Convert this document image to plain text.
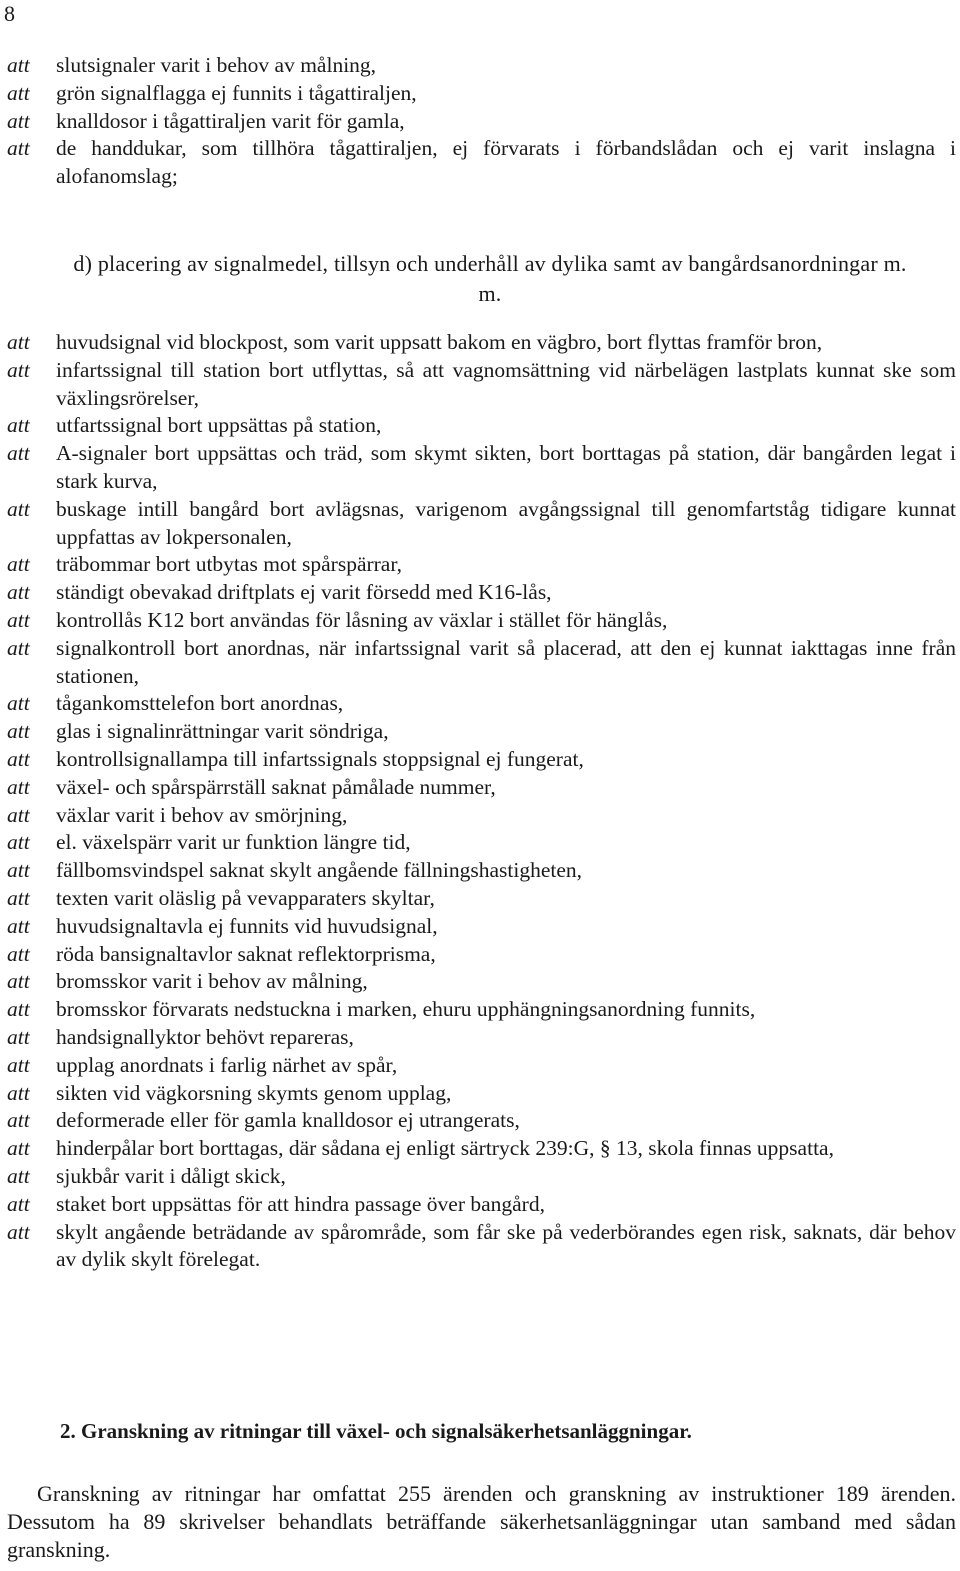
8
att slutsignaler varit i behov av målning,
att grön signalflagga ej funnits i tågattiraljen,
att knalldosor i tågattiraljen varit för gamla,
att de handdukar, som tillhöra tågattiraljen, ej förvarats i förbandslådan och ej varit inslagna i alofanomslag;
d) placering av signalmedel, tillsyn och underhåll av dylika samt av bangårdsanordningar m. m.
att huvudsignal vid blockpost, som varit uppsatt bakom en vägbro, bort flyttas framför bron,
att infartssignal till station bort utflyttas, så att vagnomsättning vid närbelägen lastplats kunnat ske som växlingsrörelser,
att utfartssignal bort uppsättas på station,
att A-signaler bort uppsättas och träd, som skymt sikten, bort borttagas på station, där bangården legat i stark kurva,
att buskage intill bangård bort avlägsnas, varigenom avgångssignal till genomfartståg tidigare kunnat uppfattas av lokpersonalen,
att träbommar bort utbytas mot spårspärrar,
att ständigt obevakad driftplats ej varit försedd med K16-lås,
att kontrollås K12 bort användas för låsning av växlar i stället för hänglås,
att signalkontroll bort anordnas, när infartssignal varit så placerad, att den ej kunnat iakttagas inne från stationen,
att tågankomsttelefon bort anordnas,
att glas i signalinrättningar varit söndriga,
att kontrollsignallampa till infartssignals stoppsignal ej fungerat,
att växel- och spårspärrställ saknat påmålade nummer,
att växlar varit i behov av smörjning,
att el. växelspärr varit ur funktion längre tid,
att fällbomsvindspel saknat skylt angående fällningshastigheten,
att texten varit oläslig på vevapparaters skyltar,
att huvudsignaltavla ej funnits vid huvudsignal,
att röda bansignaltavlor saknat reflektorprisma,
att bromsskor varit i behov av målning,
att bromsskor förvarats nedstuckna i marken, ehuru upphängningsanordning funnits,
att handsignallyktor behövt repareras,
att upplag anordnats i farlig närhet av spår,
att sikten vid vägkorsning skymts genom upplag,
att deformerade eller för gamla knalldosor ej utrangerats,
att hinderpålar bort borttagas, där sådana ej enligt särtryck 239:G, § 13, skola finnas uppsatta,
att sjukbår varit i dåligt skick,
att staket bort uppsättas för att hindra passage över bangård,
att skylt angående beträdande av spårområde, som får ske på vederbörandes egen risk, saknats, där behov av dylik skylt förelegat.
2. Granskning av ritningar till växel- och signalsäkerhetsanläggningar.
Granskning av ritningar har omfattat 255 ärenden och granskning av instruktioner 189 ärenden. Dessutom ha 89 skrivelser behandlats beträffande säkerhetsanläggningar utan samband med sådan granskning.
